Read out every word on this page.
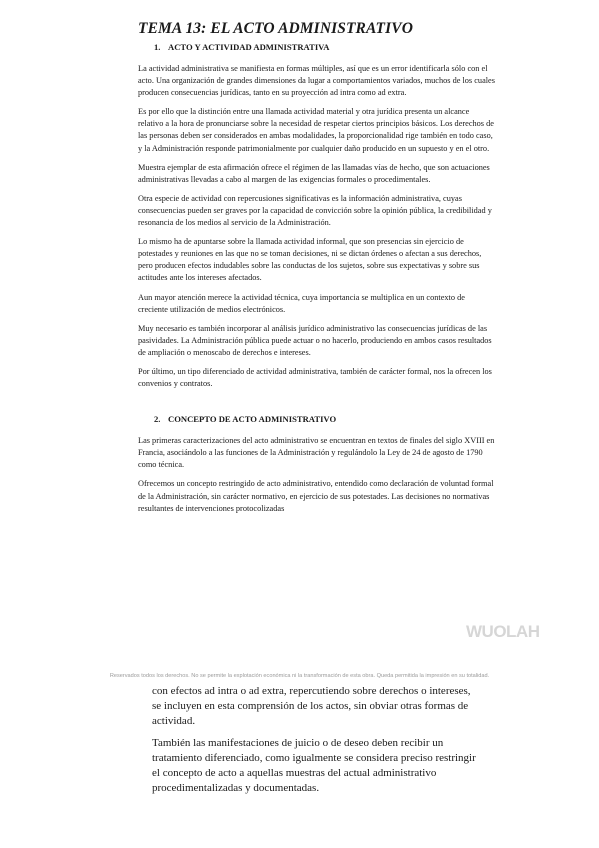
TEMA 13: EL ACTO ADMINISTRATIVO
1. ACTO Y ACTIVIDAD ADMINISTRATIVA

La actividad administrativa se manifiesta en formas múltiples, así que es un error identificarla sólo con el acto. Una organización de grandes dimensiones da lugar a comportamientos variados, muchos de los cuales producen consecuencias jurídicas, tanto en su proyección ad intra como ad extra.

Es por ello que la distinción entre una llamada actividad material y otra jurídica presenta un alcance relativo a la hora de pronunciarse sobre la necesidad de respetar ciertos principios básicos. Los derechos de las personas deben ser considerados en ambas modalidades, la proporcionalidad rige también en todo caso, y la Administración responde patrimonialmente por cualquier daño producido en un supuesto y en el otro.

Muestra ejemplar de esta afirmación ofrece el régimen de las llamadas vías de hecho, que son actuaciones administrativas llevadas a cabo al margen de las exigencias formales o procedimentales.

Otra especie de actividad con repercusiones significativas es la información administrativa, cuyas consecuencias pueden ser graves por la capacidad de convicción sobre la opinión pública, la credibilidad y resonancia de los medios al servicio de la Administración.

Lo mismo ha de apuntarse sobre la llamada actividad informal, que son presencias sin ejercicio de potestades y reuniones en las que no se toman decisiones, ni se dictan órdenes o afectan a sus derechos, pero producen efectos indudables sobre las conductas de los sujetos, sobre sus expectativas y sobre sus actitudes ante los intereses afectados.

Aun mayor atención merece la actividad técnica, cuya importancia se multiplica en un contexto de creciente utilización de medios electrónicos.

Muy necesario es también incorporar al análisis jurídico administrativo las consecuencias jurídicas de las pasividades. La Administración pública puede actuar o no hacerlo, produciendo en ambos casos resultados de ampliación o menoscabo de derechos e intereses.

Por último, un tipo diferenciado de actividad administrativa, también de carácter formal, nos la ofrecen los convenios y contratos.

2. CONCEPTO DE ACTO ADMINISTRATIVO

Las primeras caracterizaciones del acto administrativo se encuentran en textos de finales del siglo XVIII en Francia, asociándolo a las funciones de la Administración y regulándolo la Ley de 24 de agosto de 1790 como técnica.

Ofrecemos un concepto restringido de acto administrativo, entendido como declaración de voluntad formal de la Administración, sin carácter normativo, en ejercicio de sus potestades. Las decisiones no normativas resultantes de intervenciones protocolizadas

WUOLAH
Reservados todos los derechos. No se permite la explotación económica ni la transformación de esta obra. Queda permitida la impresión en su totalidad.

con efectos ad intra o ad extra, repercutiendo sobre derechos o intereses, se incluyen en esta comprensión de los actos, sin obviar otras formas de actividad.

También las manifestaciones de juicio o de deseo deben recibir un tratamiento diferenciado, como igualmente se considera preciso restringir el concepto de acto a aquellas muestras del actual administrativo procedimentalizadas y documentadas.
